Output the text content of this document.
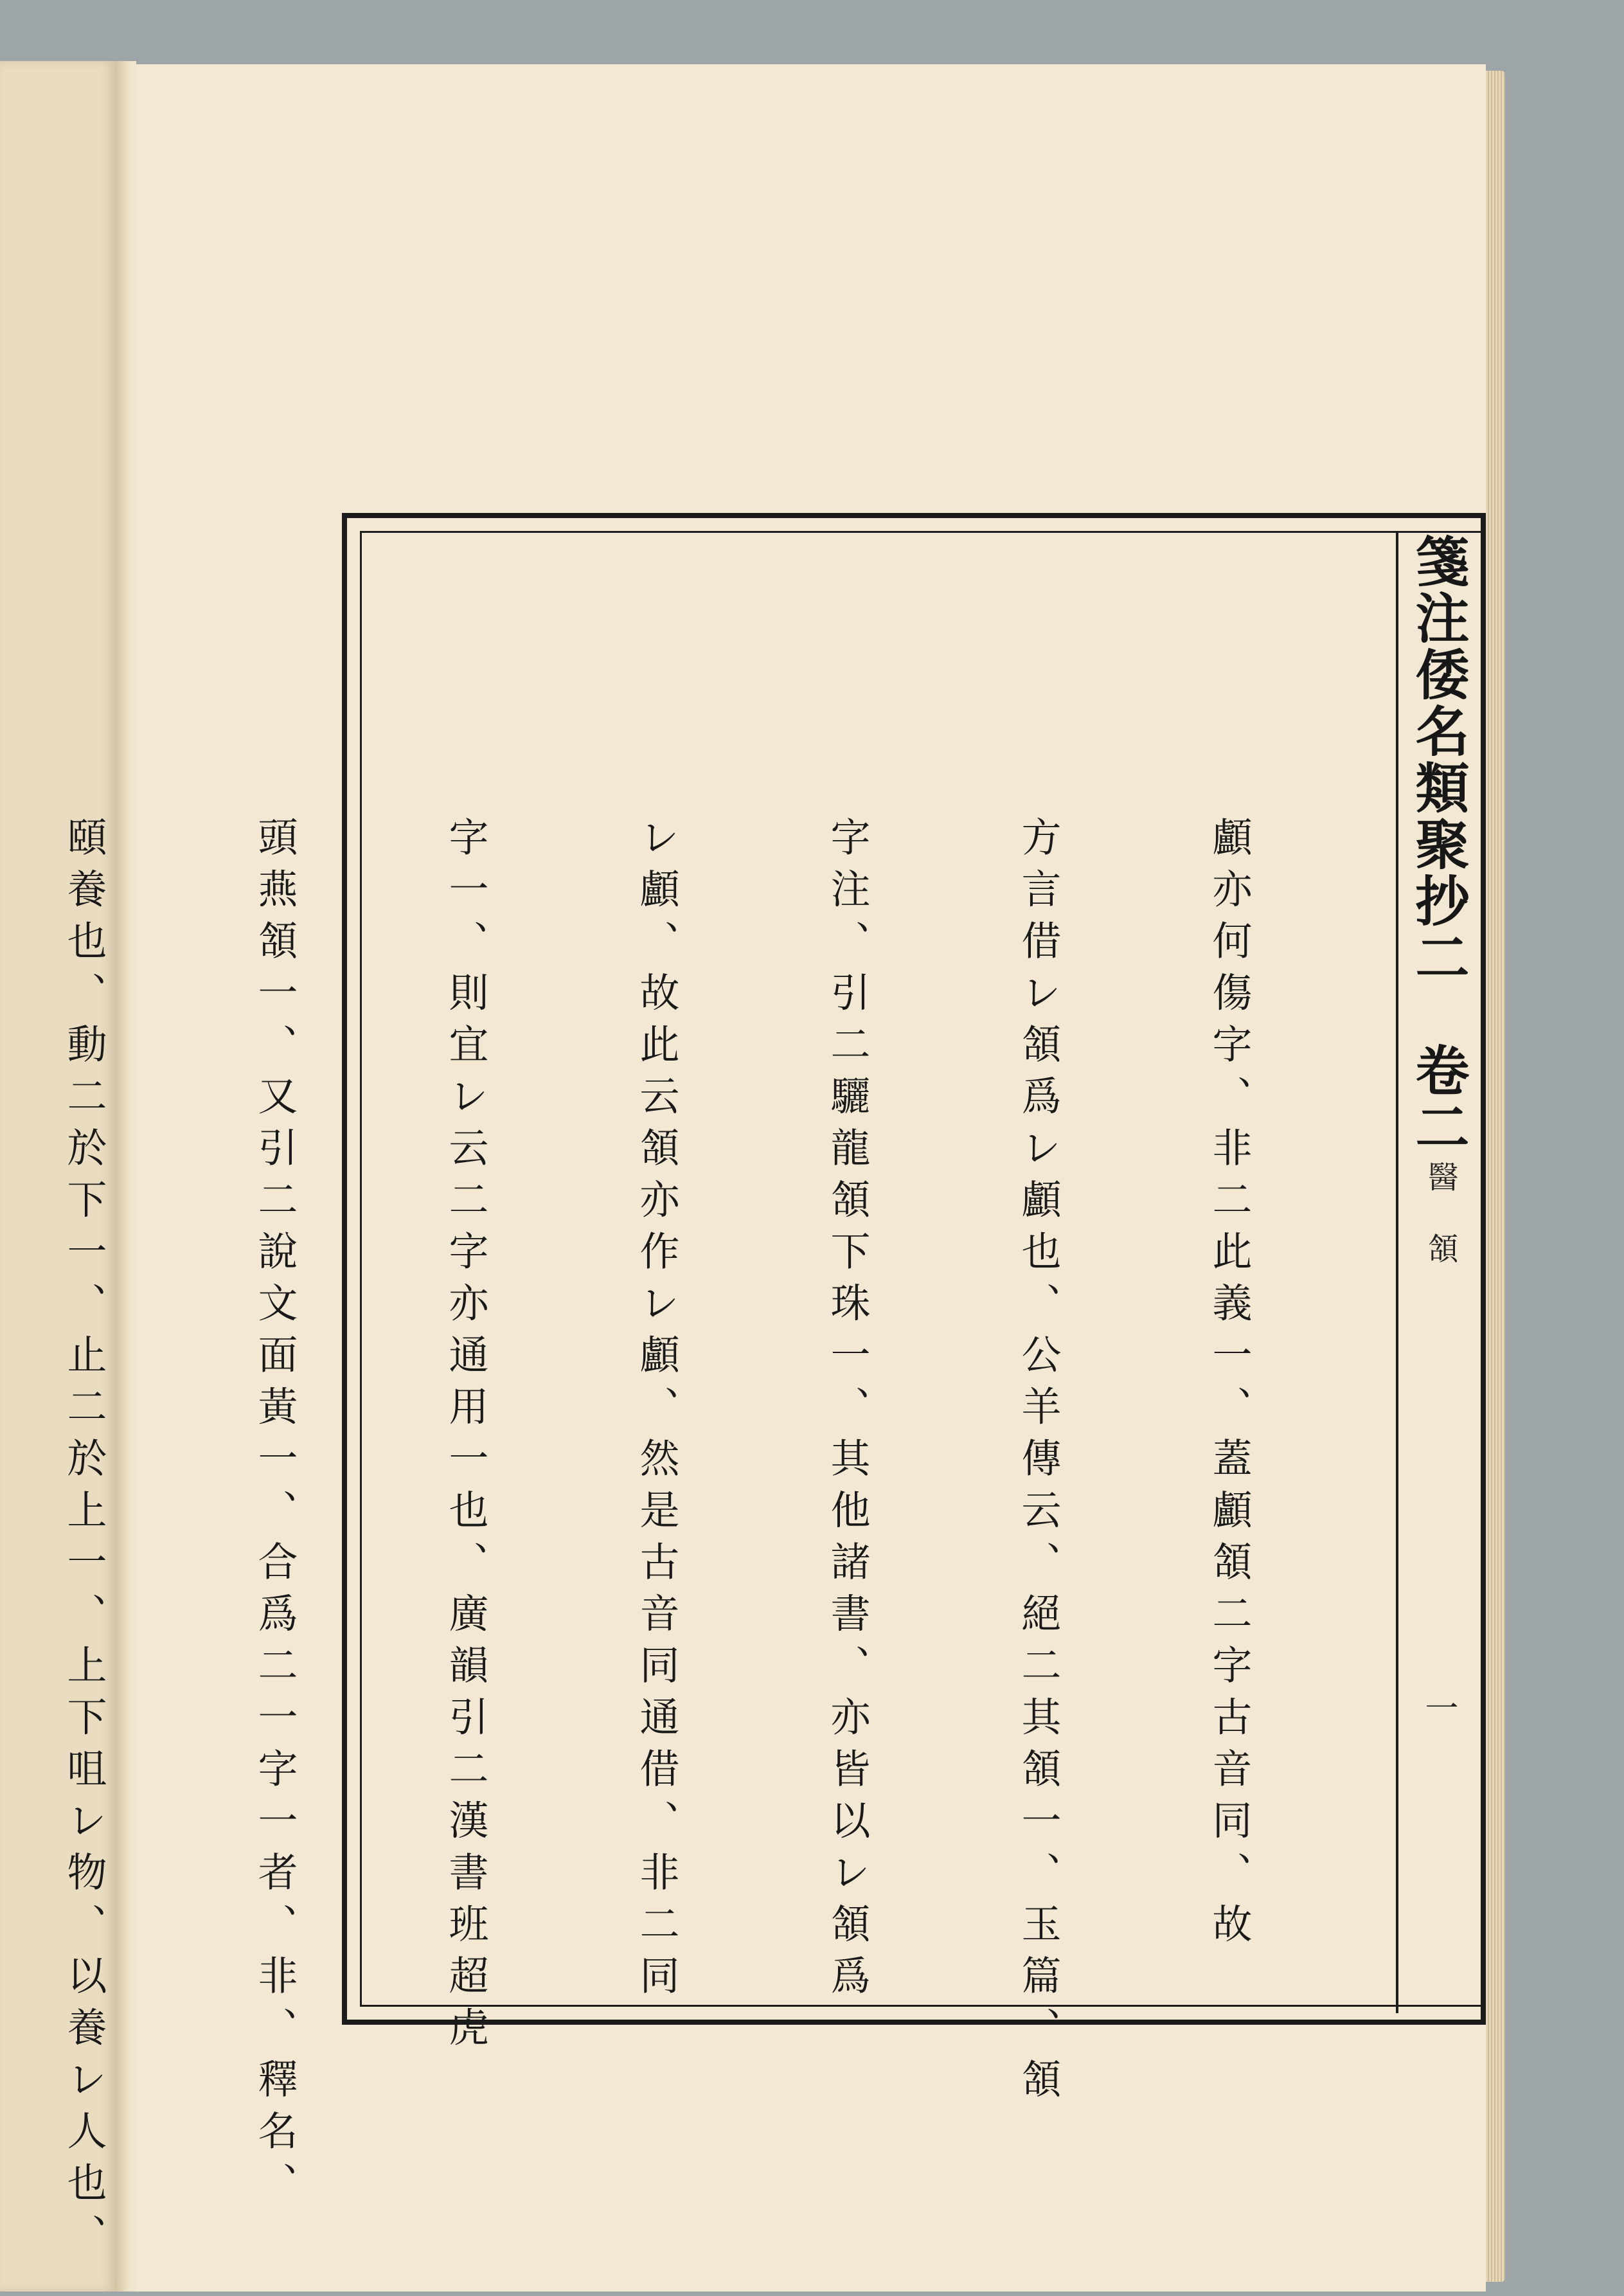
箋注倭名類聚抄二　卷二
醫 頷
一

顱亦何傷字、非二此義一、蓋顱頷二字古音同、故

方言借レ頷爲レ顱也、公羊傳云、絕二其頷一、玉篇、頷

字注、引二驪龍頷下珠一、其他諸書、亦皆以レ頷爲

レ顱、故此云頷亦作レ顱、然是古音同通借、非二同

字一、則宜レ云二字亦通用一也、廣韻引二漢書班超虎

頭燕頷一、又引二說文面黃一、合爲二一字一者、非、釋名、

頤養也、動二於下一、止二於上一、上下咀レ物、以養レ人也、
